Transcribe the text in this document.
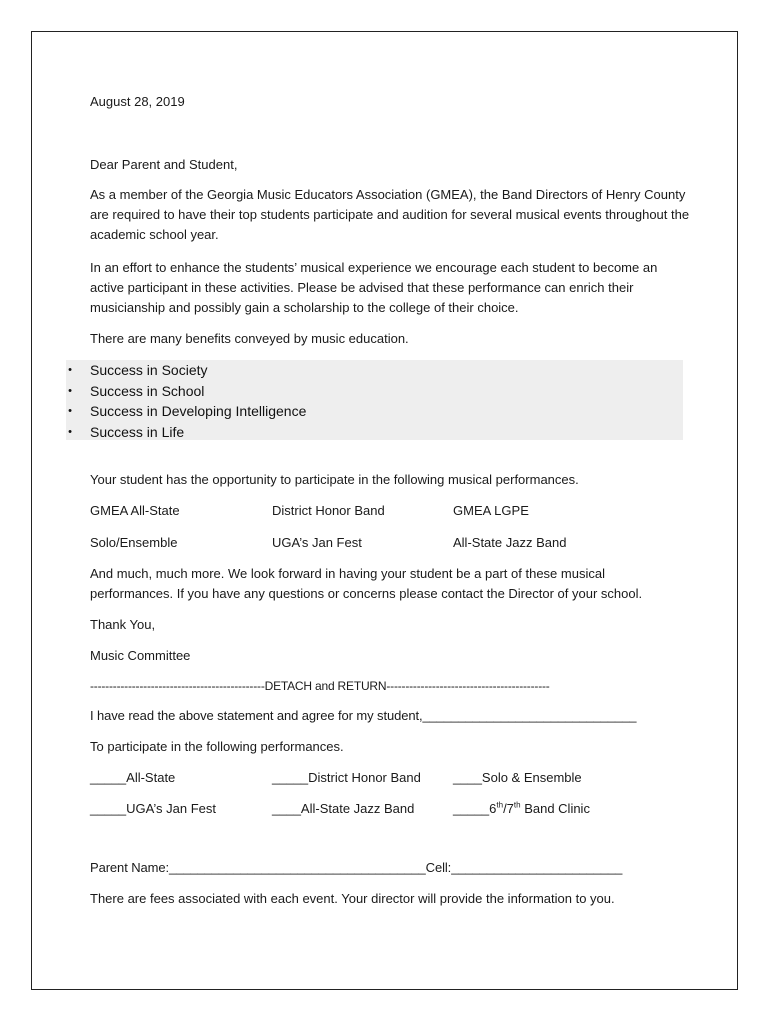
August 28, 2019

Dear Parent and Student,

As a member of the Georgia Music Educators Association (GMEA), the Band Directors of Henry County are required to have their top students participate and audition for several musical events throughout the academic school year.

In an effort to enhance the students’ musical experience we encourage each student to become an active participant in these activities. Please be advised that these performance can enrich their musicianship and possibly gain a scholarship to the college of their choice.

There are many benefits conveyed by music education.

• Success in Society
• Success in School
• Success in Developing Intelligence
• Success in Life

Your student has the opportunity to participate in the following musical performances.

GMEA All-State	District Honor Band	GMEA LGPE
Solo/Ensemble	UGA’s Jan Fest	All-State Jazz Band

And much, much more. We look forward in having your student be a part of these musical performances. If you have any questions or concerns please contact the Director of your school.

Thank You,

Music Committee

----------------------------------------------DETACH and RETURN-------------------------------------------

I have read the above statement and agree for my student,______________________________

To participate in the following performances.

_____All-State	_____District Honor Band ____Solo & Ensemble
_____UGA’s Jan Fest	____All-State Jazz Band	_____6th/7th Band Clinic

Parent Name:____________________________________Cell:________________________

There are fees associated with each event. Your director will provide the information to you.
